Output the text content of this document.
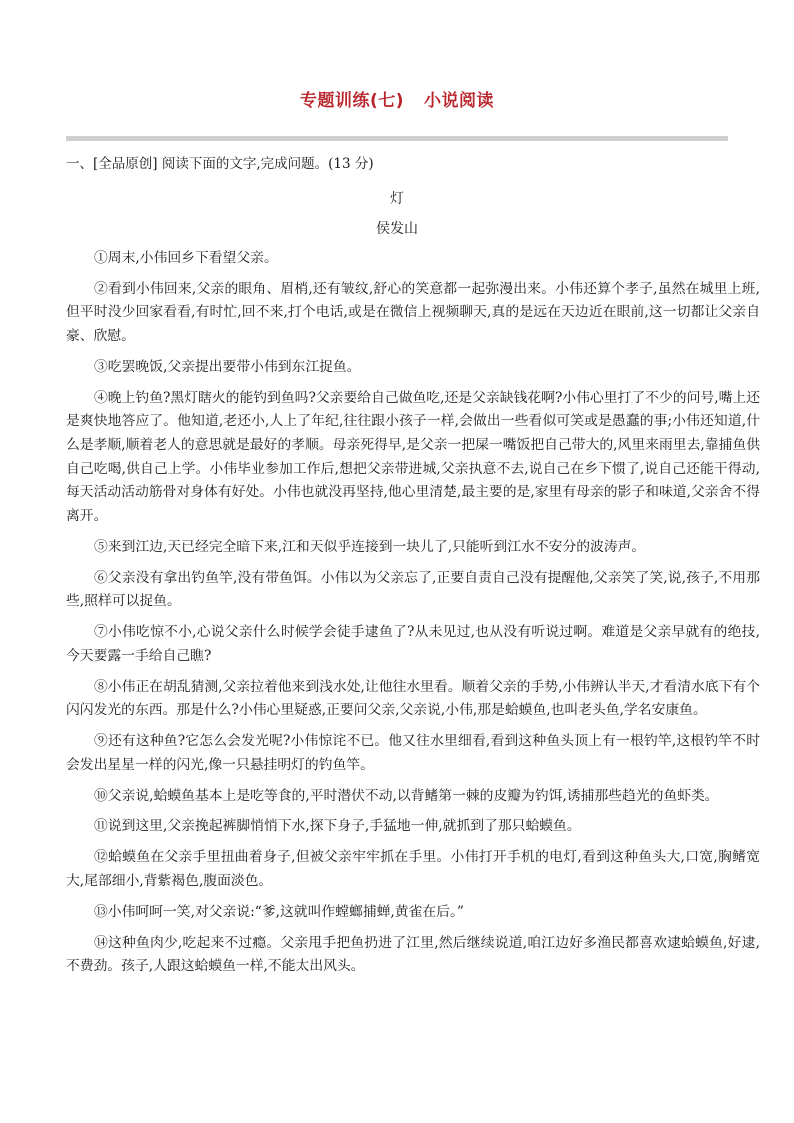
专题训练(七) 小说阅读
一、[全品原创] 阅读下面的文字,完成问题。(13 分)
灯
侯发山

①周末,小伟回乡下看望父亲。

②看到小伟回来,父亲的眼角、眉梢,还有皱纹,舒心的笑意都一起弥漫出来。小伟还算个孝子,虽然在城里上班,但平时没少回家看看,有时忙,回不来,打个电话,或是在微信上视频聊天,真的是远在天边近在眼前,这一切都让父亲自豪、欣慰。

③吃罢晚饭,父亲提出要带小伟到东江捉鱼。

④晚上钓鱼?黑灯瞎火的能钓到鱼吗?父亲要给自己做鱼吃,还是父亲缺钱花啊?小伟心里打了不少的问号,嘴上还是爽快地答应了。他知道,老还小,人上了年纪,往往跟小孩子一样,会做出一些看似可笑或是愚蠢的事;小伟还知道,什么是孝顺,顺着老人的意思就是最好的孝顺。母亲死得早,是父亲一把屎一嘴饭把自己带大的,风里来雨里去,靠捕鱼供自己吃喝,供自己上学。小伟毕业参加工作后,想把父亲带进城,父亲执意不去,说自己在乡下惯了,说自己还能干得动,每天活动活动筋骨对身体有好处。小伟也就没再坚持,他心里清楚,最主要的是,家里有母亲的影子和味道,父亲舍不得离开。

⑤来到江边,天已经完全暗下来,江和天似乎连接到一块儿了,只能听到江水不安分的波涛声。

⑥父亲没有拿出钓鱼竿,没有带鱼饵。小伟以为父亲忘了,正要自责自己没有提醒他,父亲笑了笑,说,孩子,不用那些,照样可以捉鱼。

⑦小伟吃惊不小,心说父亲什么时候学会徒手逮鱼了?从未见过,也从没有听说过啊。难道是父亲早就有的绝技,今天要露一手给自己瞧?

⑧小伟正在胡乱猜测,父亲拉着他来到浅水处,让他往水里看。顺着父亲的手势,小伟辨认半天,才看清水底下有个闪闪发光的东西。那是什么?小伟心里疑惑,正要问父亲,父亲说,小伟,那是蛤蟆鱼,也叫老头鱼,学名安康鱼。

⑨还有这种鱼?它怎么会发光呢?小伟惊诧不已。他又往水里细看,看到这种鱼头顶上有一根钓竿,这根钓竿不时会发出星星一样的闪光,像一只悬挂明灯的钓鱼竿。

⑩父亲说,蛤蟆鱼基本上是吃等食的,平时潜伏不动,以背鳍第一棘的皮瓣为钓饵,诱捕那些趋光的鱼虾类。

⑪说到这里,父亲挽起裤脚悄悄下水,探下身子,手猛地一伸,就抓到了那只蛤蟆鱼。

⑫蛤蟆鱼在父亲手里扭曲着身子,但被父亲牢牢抓在手里。小伟打开手机的电灯,看到这种鱼头大,口宽,胸鳍宽大,尾部细小,背紫褐色,腹面淡色。

⑬小伟呵呵一笑,对父亲说:“爹,这就叫作螳螂捕蝉,黄雀在后。”

⑭这种鱼肉少,吃起来不过瘾。父亲甩手把鱼扔进了江里,然后继续说道,咱江边好多渔民都喜欢逮蛤蟆鱼,好逮,不费劲。孩子,人跟这蛤蟆鱼一样,不能太出风头。
